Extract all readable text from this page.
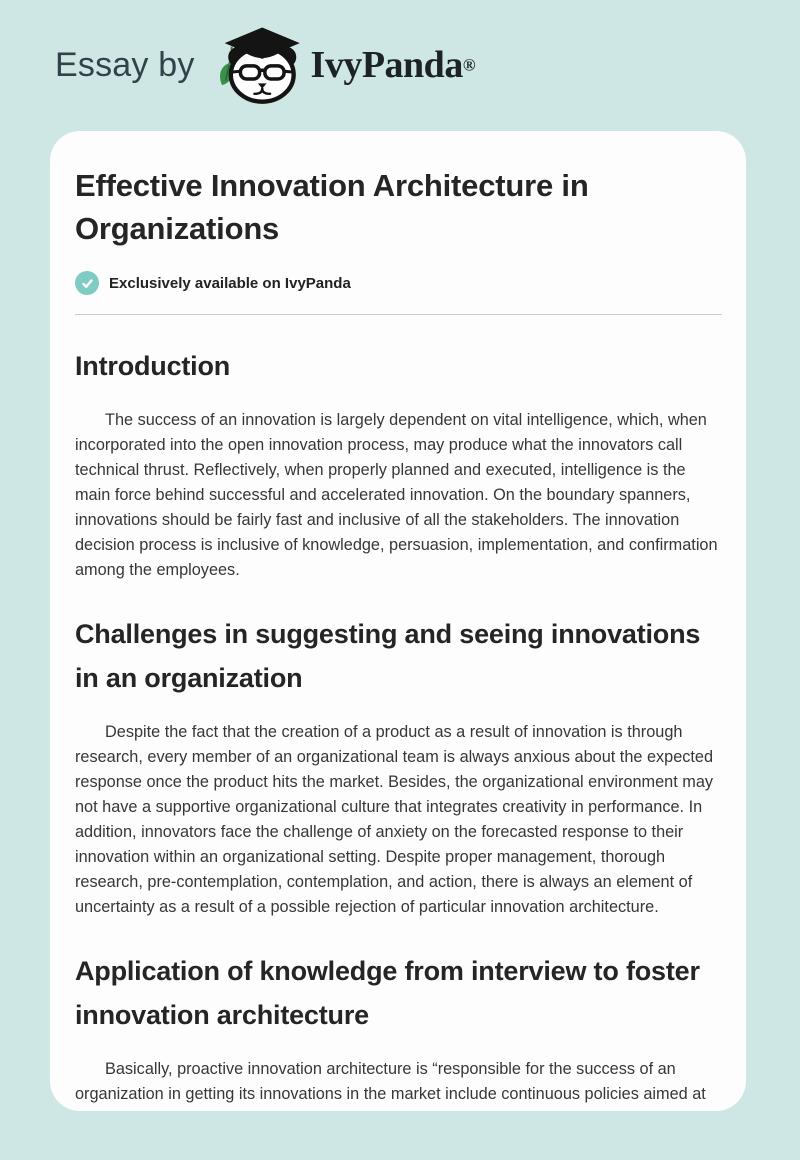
Essay by	IvyPanda®
Effective Innovation Architecture in Organizations
Exclusively available on IvyPanda
Introduction

The success of an innovation is largely dependent on vital intelligence, which, when incorporated into the open innovation process, may produce what the innovators call technical thrust. Reflectively, when properly planned and executed, intelligence is the main force behind successful and accelerated innovation. On the boundary spanners, innovations should be fairly fast and inclusive of all the stakeholders. The innovation decision process is inclusive of knowledge, persuasion, implementation, and confirmation among the employees.

Challenges in suggesting and seeing innovations in an organization

Despite the fact that the creation of a product as a result of innovation is through research, every member of an organizational team is always anxious about the expected response once the product hits the market. Besides, the organizational environment may not have a supportive organizational culture that integrates creativity in performance. In addition, innovators face the challenge of anxiety on the forecasted response to their innovation within an organizational setting. Despite proper management, thorough research, pre-contemplation, contemplation, and action, there is always an element of uncertainty as a result of a possible rejection of particular innovation architecture.

Application of knowledge from interview to foster innovation architecture

Basically, proactive innovation architecture is “responsible for the success of an organization in getting its innovations in the market include continuous policies aimed at
